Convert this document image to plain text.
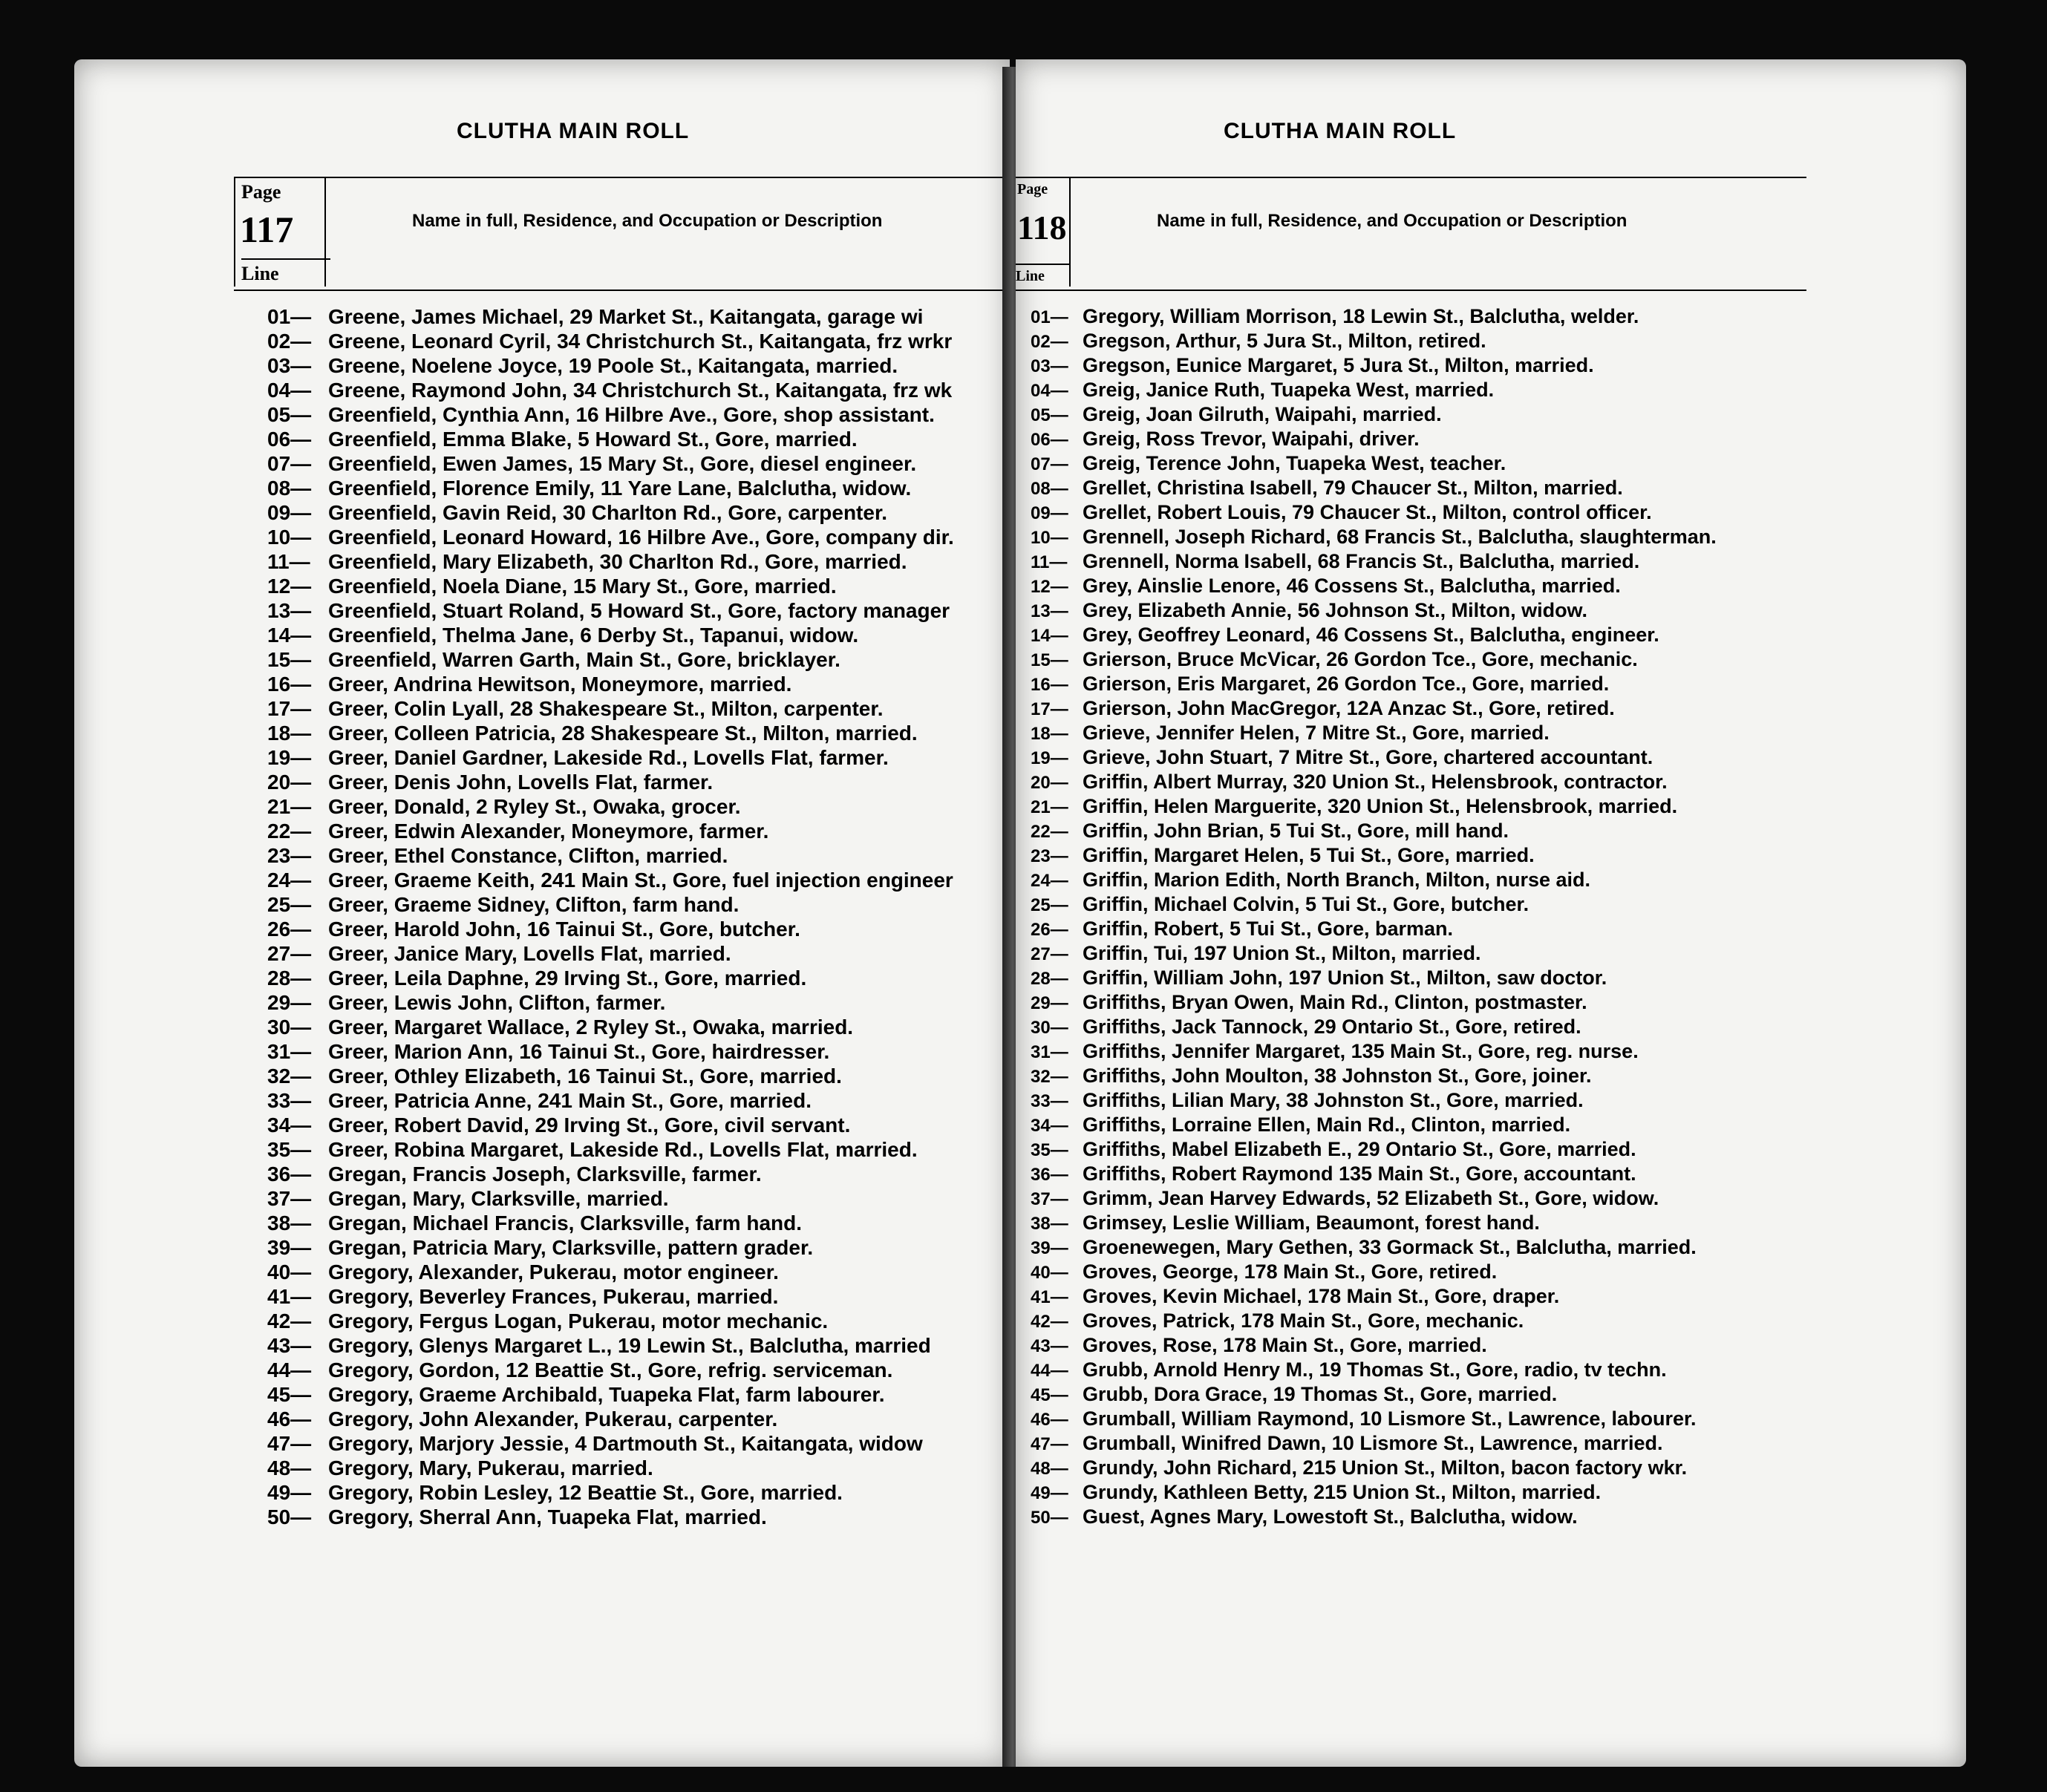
CLUTHA MAIN ROLL
Page
117
Line
Name in full, Residence, and Occupation or Description
01— Greene, James Michael, 29 Market St., Kaitangata, garage wi
02— Greene, Leonard Cyril, 34 Christchurch St., Kaitangata, frz wrkr
03— Greene, Noelene Joyce, 19 Poole St., Kaitangata, married.
04— Greene, Raymond John, 34 Christchurch St., Kaitangata, frz wk
05— Greenfield, Cynthia Ann, 16 Hilbre Ave., Gore, shop assistant.
06— Greenfield, Emma Blake, 5 Howard St., Gore, married.
07— Greenfield, Ewen James, 15 Mary St., Gore, diesel engineer.
08— Greenfield, Florence Emily, 11 Yare Lane, Balclutha, widow.
09— Greenfield, Gavin Reid, 30 Charlton Rd., Gore, carpenter.
10— Greenfield, Leonard Howard, 16 Hilbre Ave., Gore, company dir.
11— Greenfield, Mary Elizabeth, 30 Charlton Rd., Gore, married.
12— Greenfield, Noela Diane, 15 Mary St., Gore, married.
13— Greenfield, Stuart Roland, 5 Howard St., Gore, factory manager
14— Greenfield, Thelma Jane, 6 Derby St., Tapanui, widow.
15— Greenfield, Warren Garth, Main St., Gore, bricklayer.
16— Greer, Andrina Hewitson, Moneymore, married.
17— Greer, Colin Lyall, 28 Shakespeare St., Milton, carpenter.
18— Greer, Colleen Patricia, 28 Shakespeare St., Milton, married.
19— Greer, Daniel Gardner, Lakeside Rd., Lovells Flat, farmer.
20— Greer, Denis John, Lovells Flat, farmer.
21— Greer, Donald, 2 Ryley St., Owaka, grocer.
22— Greer, Edwin Alexander, Moneymore, farmer.
23— Greer, Ethel Constance, Clifton, married.
24— Greer, Graeme Keith, 241 Main St., Gore, fuel injection engineer
25— Greer, Graeme Sidney, Clifton, farm hand.
26— Greer, Harold John, 16 Tainui St., Gore, butcher.
27— Greer, Janice Mary, Lovells Flat, married.
28— Greer, Leila Daphne, 29 Irving St., Gore, married.
29— Greer, Lewis John, Clifton, farmer.
30— Greer, Margaret Wallace, 2 Ryley St., Owaka, married.
31— Greer, Marion Ann, 16 Tainui St., Gore, hairdresser.
32— Greer, Othley Elizabeth, 16 Tainui St., Gore, married.
33— Greer, Patricia Anne, 241 Main St., Gore, married.
34— Greer, Robert David, 29 Irving St., Gore, civil servant.
35— Greer, Robina Margaret, Lakeside Rd., Lovells Flat, married.
36— Gregan, Francis Joseph, Clarksville, farmer.
37— Gregan, Mary, Clarksville, married.
38— Gregan, Michael Francis, Clarksville, farm hand.
39— Gregan, Patricia Mary, Clarksville, pattern grader.
40— Gregory, Alexander, Pukerau, motor engineer.
41— Gregory, Beverley Frances, Pukerau, married.
42— Gregory, Fergus Logan, Pukerau, motor mechanic.
43— Gregory, Glenys Margaret L., 19 Lewin St., Balclutha, married
44— Gregory, Gordon, 12 Beattie St., Gore, refrig. serviceman.
45— Gregory, Graeme Archibald, Tuapeka Flat, farm labourer.
46— Gregory, John Alexander, Pukerau, carpenter.
47— Gregory, Marjory Jessie, 4 Dartmouth St., Kaitangata, widow
48— Gregory, Mary, Pukerau, married.
49— Gregory, Robin Lesley, 12 Beattie St., Gore, married.
50— Gregory, Sherral Ann, Tuapeka Flat, married.
CLUTHA MAIN ROLL
Page
118
Line
Name in full, Residence, and Occupation or Description
01— Gregory, William Morrison, 18 Lewin St., Balclutha, welder.
02— Gregson, Arthur, 5 Jura St., Milton, retired.
03— Gregson, Eunice Margaret, 5 Jura St., Milton, married.
04— Greig, Janice Ruth, Tuapeka West, married.
05— Greig, Joan Gilruth, Waipahi, married.
06— Greig, Ross Trevor, Waipahi, driver.
07— Greig, Terence John, Tuapeka West, teacher.
08— Grellet, Christina Isabell, 79 Chaucer St., Milton, married.
09— Grellet, Robert Louis, 79 Chaucer St., Milton, control officer.
10— Grennell, Joseph Richard, 68 Francis St., Balclutha, slaughterman.
11— Grennell, Norma Isabell, 68 Francis St., Balclutha, married.
12— Grey, Ainslie Lenore, 46 Cossens St., Balclutha, married.
13— Grey, Elizabeth Annie, 56 Johnson St., Milton, widow.
14— Grey, Geoffrey Leonard, 46 Cossens St., Balclutha, engineer.
15— Grierson, Bruce McVicar, 26 Gordon Tce., Gore, mechanic.
16— Grierson, Eris Margaret, 26 Gordon Tce., Gore, married.
17— Grierson, John MacGregor, 12A Anzac St., Gore, retired.
18— Grieve, Jennifer Helen, 7 Mitre St., Gore, married.
19— Grieve, John Stuart, 7 Mitre St., Gore, chartered accountant.
20— Griffin, Albert Murray, 320 Union St., Helensbrook, contractor.
21— Griffin, Helen Marguerite, 320 Union St., Helensbrook, married.
22— Griffin, John Brian, 5 Tui St., Gore, mill hand.
23— Griffin, Margaret Helen, 5 Tui St., Gore, married.
24— Griffin, Marion Edith, North Branch, Milton, nurse aid.
25— Griffin, Michael Colvin, 5 Tui St., Gore, butcher.
26— Griffin, Robert, 5 Tui St., Gore, barman.
27— Griffin, Tui, 197 Union St., Milton, married.
28— Griffin, William John, 197 Union St., Milton, saw doctor.
29— Griffiths, Bryan Owen, Main Rd., Clinton, postmaster.
30— Griffiths, Jack Tannock, 29 Ontario St., Gore, retired.
31— Griffiths, Jennifer Margaret, 135 Main St., Gore, reg. nurse.
32— Griffiths, John Moulton, 38 Johnston St., Gore, joiner.
33— Griffiths, Lilian Mary, 38 Johnston St., Gore, married.
34— Griffiths, Lorraine Ellen, Main Rd., Clinton, married.
35— Griffiths, Mabel Elizabeth E., 29 Ontario St., Gore, married.
36— Griffiths, Robert Raymond 135 Main St., Gore, accountant.
37— Grimm, Jean Harvey Edwards, 52 Elizabeth St., Gore, widow.
38— Grimsey, Leslie William, Beaumont, forest hand.
39— Groenewegen, Mary Gethen, 33 Gormack St., Balclutha, married.
40— Groves, George, 178 Main St., Gore, retired.
41— Groves, Kevin Michael, 178 Main St., Gore, draper.
42— Groves, Patrick, 178 Main St., Gore, mechanic.
43— Groves, Rose, 178 Main St., Gore, married.
44— Grubb, Arnold Henry M., 19 Thomas St., Gore, radio, tv techn.
45— Grubb, Dora Grace, 19 Thomas St., Gore, married.
46— Grumball, William Raymond, 10 Lismore St., Lawrence, labourer.
47— Grumball, Winifred Dawn, 10 Lismore St., Lawrence, married.
48— Grundy, John Richard, 215 Union St., Milton, bacon factory wkr.
49— Grundy, Kathleen Betty, 215 Union St., Milton, married.
50— Guest, Agnes Mary, Lowestoft St., Balclutha, widow.
